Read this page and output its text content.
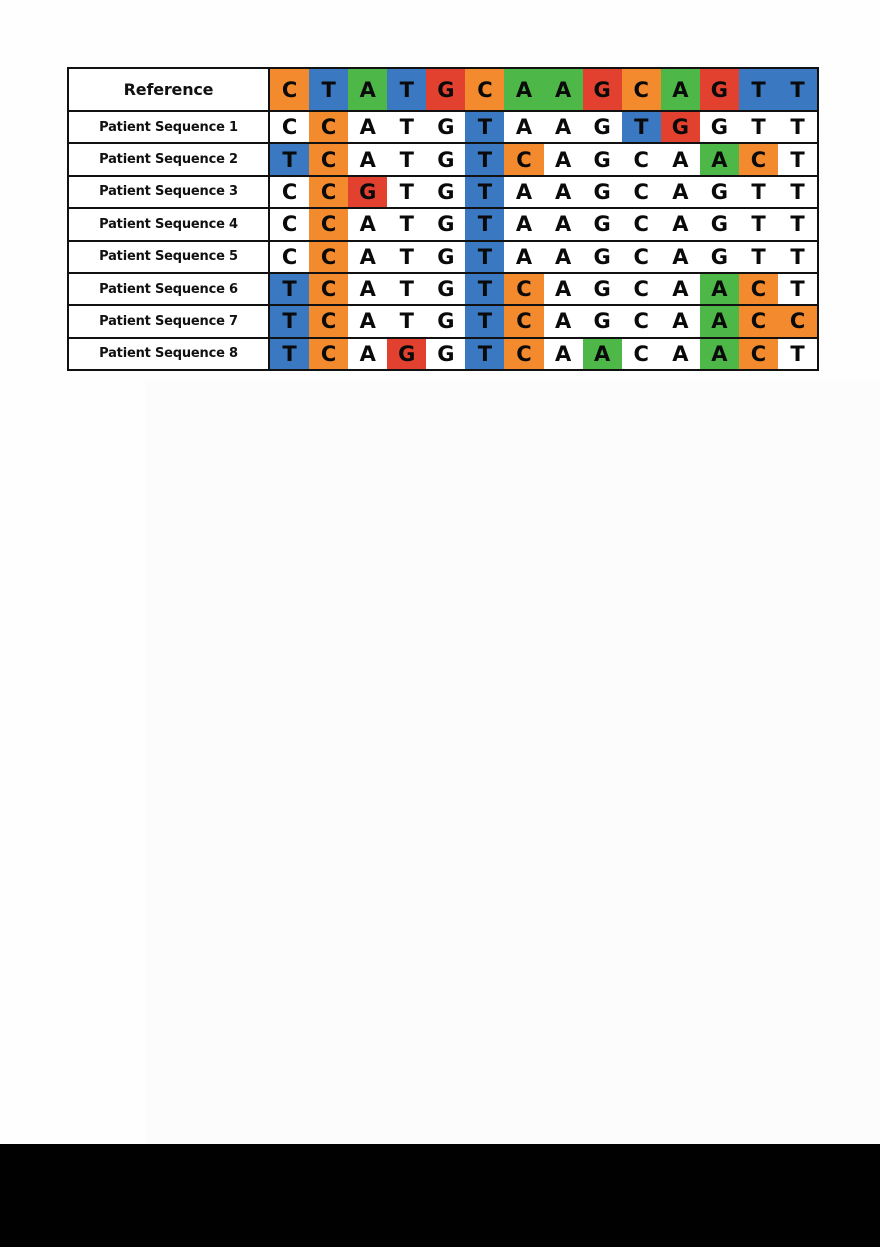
Reference	C	T	A	T	G	C	A	A	G	C	A	G	T	T
Patient Sequence 1	C	C	A	T	G	T	A	A	G	T	G	G	T	T
Patient Sequence 2	T	C	A	T	G	T	C	A	G	C	A	A	C	T
Patient Sequence 3	C	C	G	T	G	T	A	A	G	C	A	G	T	T
Patient Sequence 4	C	C	A	T	G	T	A	A	G	C	A	G	T	T
Patient Sequence 5	C	C	A	T	G	T	A	A	G	C	A	G	T	T
Patient Sequence 6	T	C	A	T	G	T	C	A	G	C	A	A	C	T
Patient Sequence 7	T	C	A	T	G	T	C	A	G	C	A	A	C	C
Patient Sequence 8	T	C	A	G	G	T	C	A	A	C	A	A	C	T
